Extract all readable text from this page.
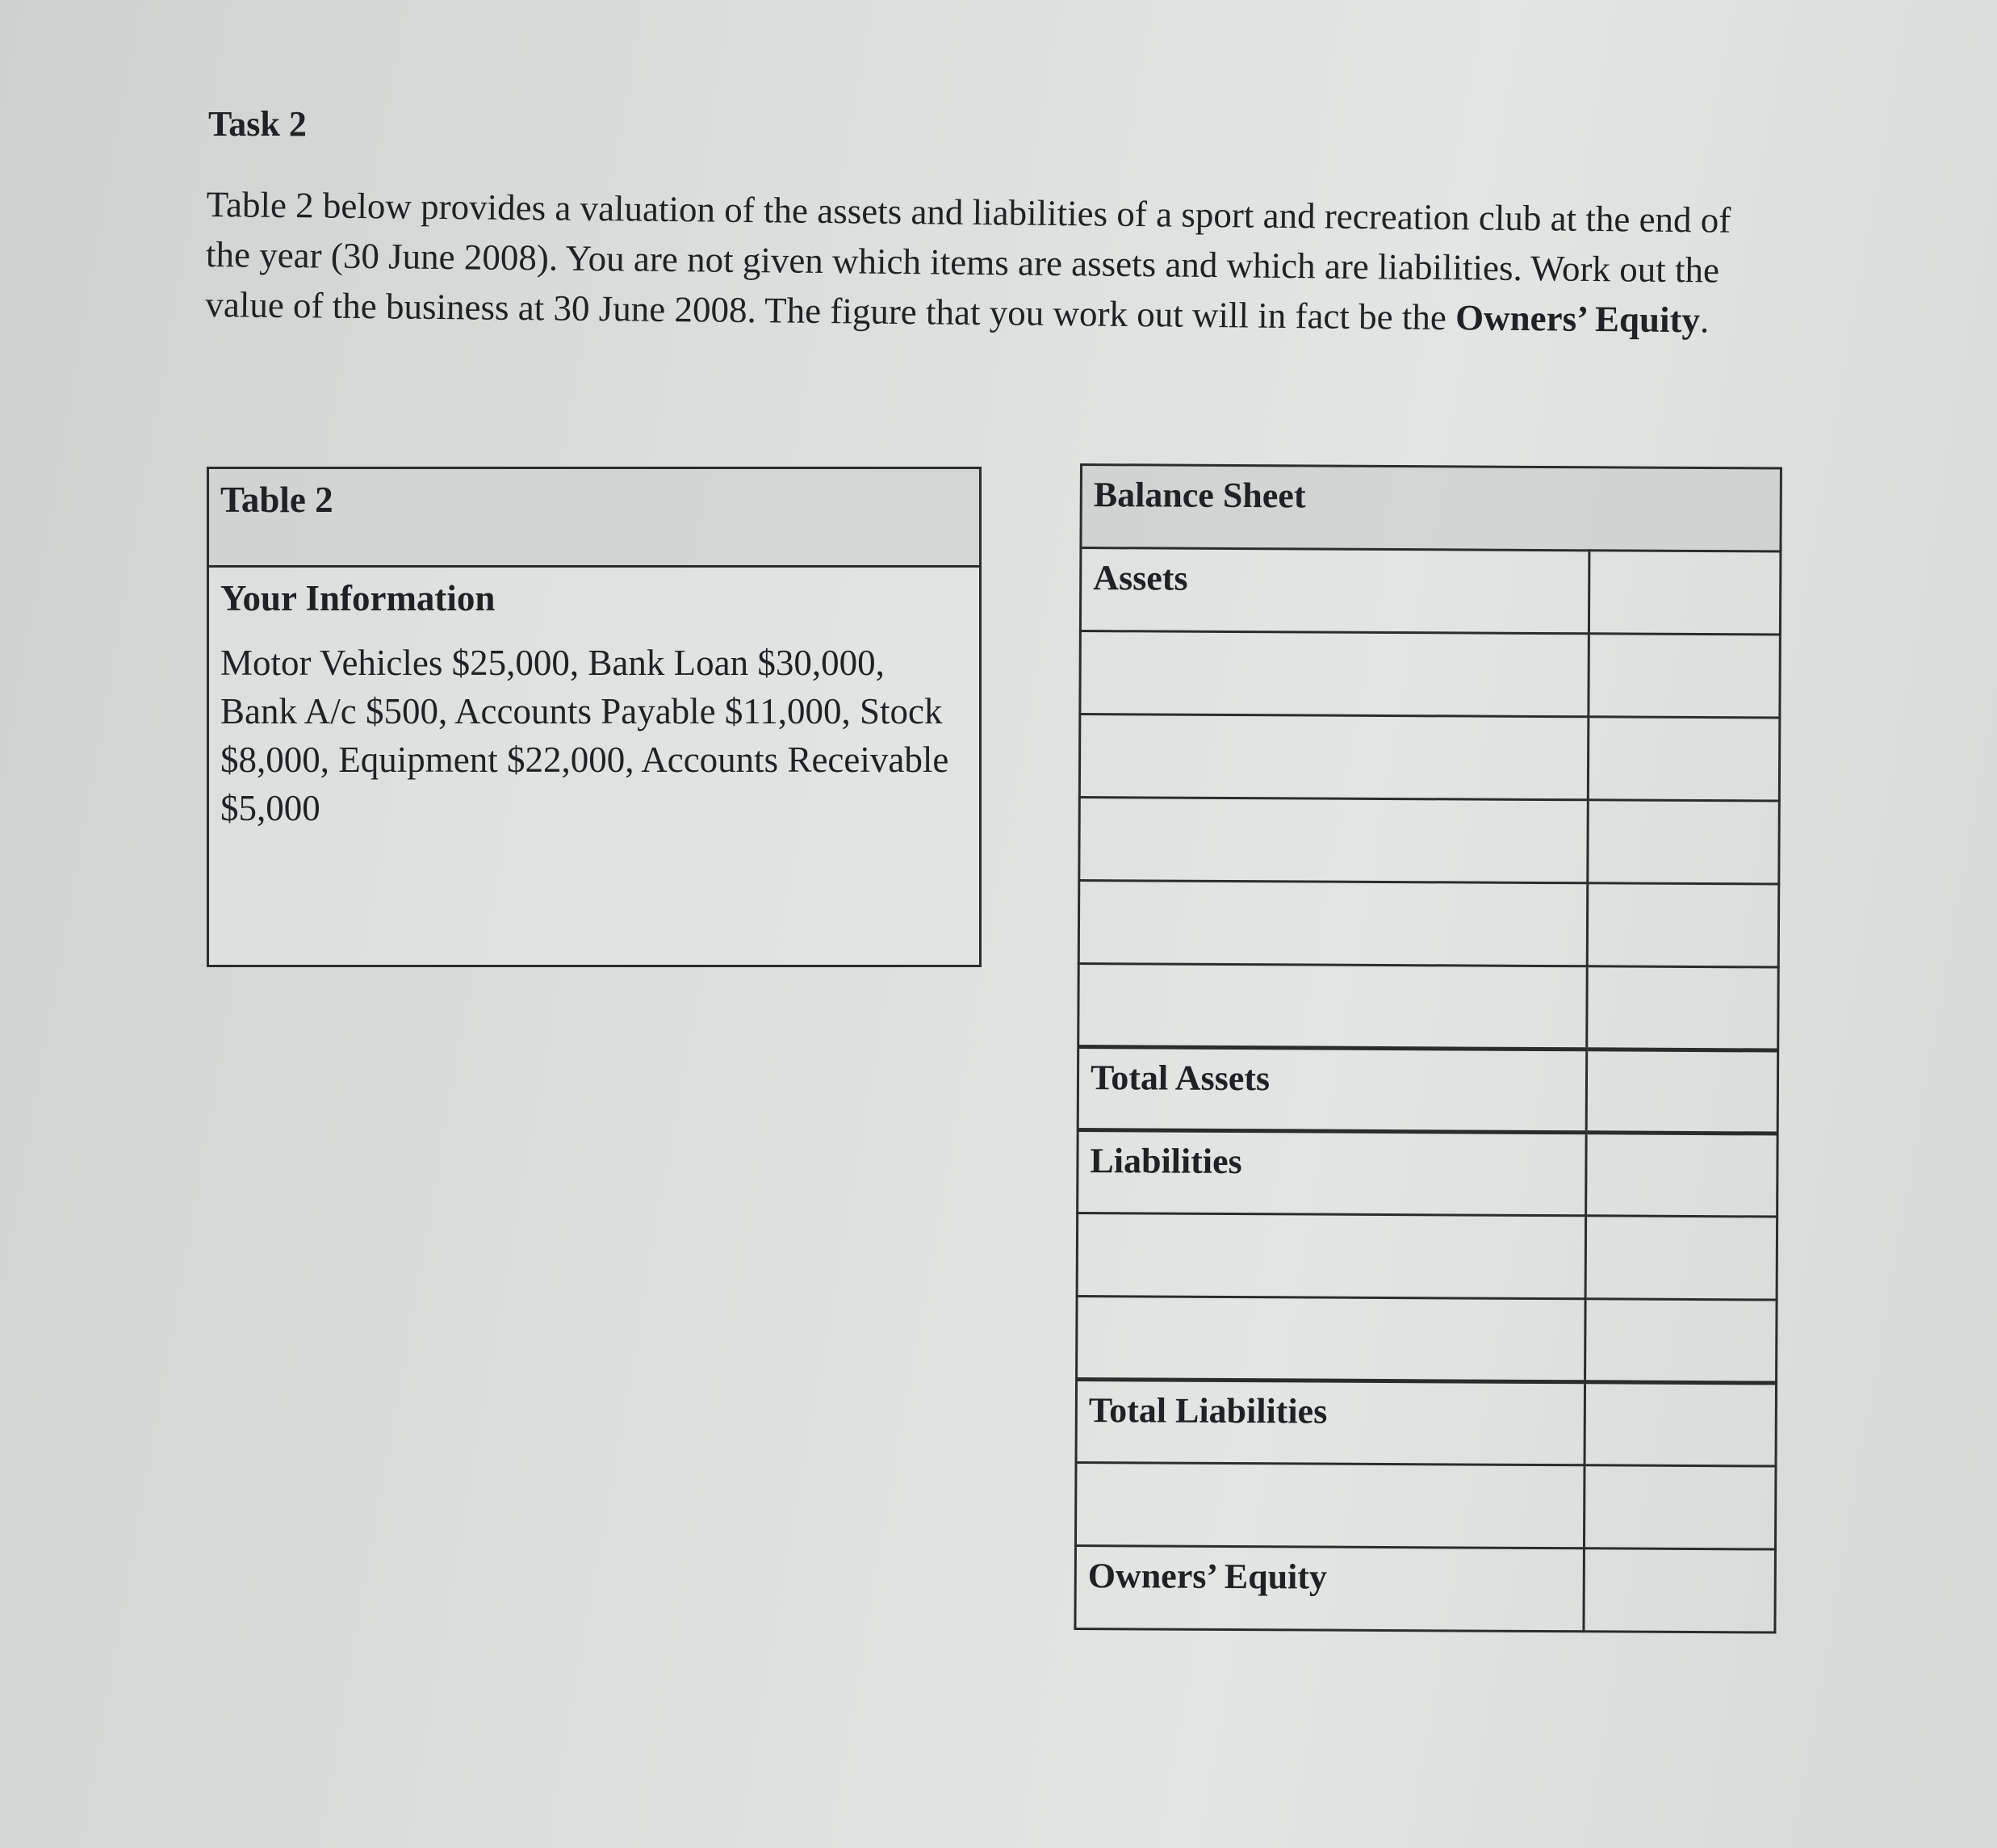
Task 2

Table 2 below provides a valuation of the assets and liabilities of a sport and recreation club at the end of the year (30 June 2008). You are not given which items are assets and which are liabilities. Work out the value of the business at 30 June 2008. The figure that you work out will in fact be the Owners’ Equity.

Table 2

Your Information

Motor Vehicles $25,000, Bank Loan $30,000, Bank A/c $500, Accounts Payable $11,000, Stock $8,000, Equipment $22,000, Accounts Receivable $5,000

Balance Sheet	
Assets	

Total Assets	
Liabilities	

Total Liabilities	

Owners’ Equity	
